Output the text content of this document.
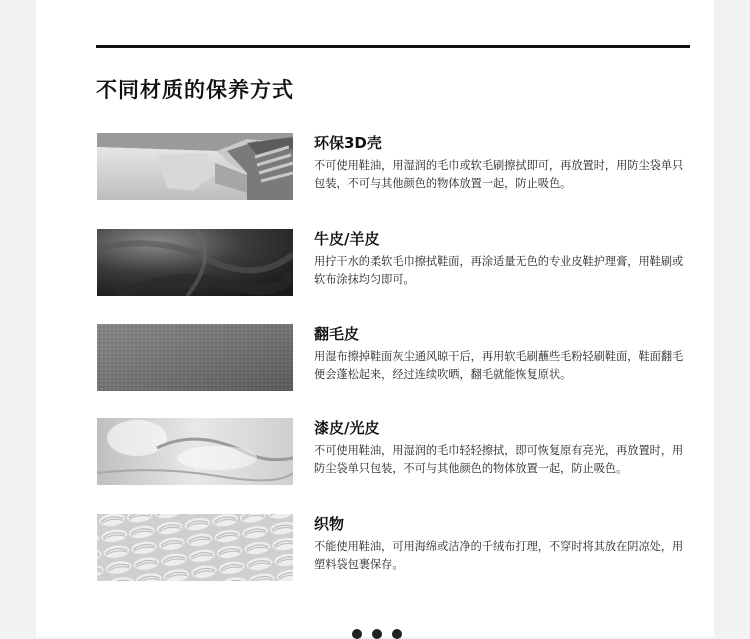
不同材质的保养方式
环保3D壳
不可使用鞋油，用湿润的毛巾或软毛刷擦拭即可，再放置时，用防尘袋单只包装，不可与其他颜色的物体放置一起，防止吸色。
牛皮/羊皮
用拧干水的柔软毛巾擦拭鞋面，再涂适量无色的专业皮鞋护理膏，用鞋刷或软布涂抹均匀即可。
翻毛皮
用湿布擦掉鞋面灰尘通风晾干后，再用软毛刷蘸些毛粉轻刷鞋面，鞋面翻毛便会蓬松起来，经过连续吹晒，翻毛就能恢复原状。
漆皮/光皮
不可使用鞋油，用湿润的毛巾轻轻擦拭，即可恢复原有亮光，再放置时，用防尘袋单只包装，不可与其他颜色的物体放置一起，防止吸色。
织物
不能使用鞋油，可用海绵或洁净的千绒布打理，不穿时将其放在阴凉处，用塑料袋包裹保存。
